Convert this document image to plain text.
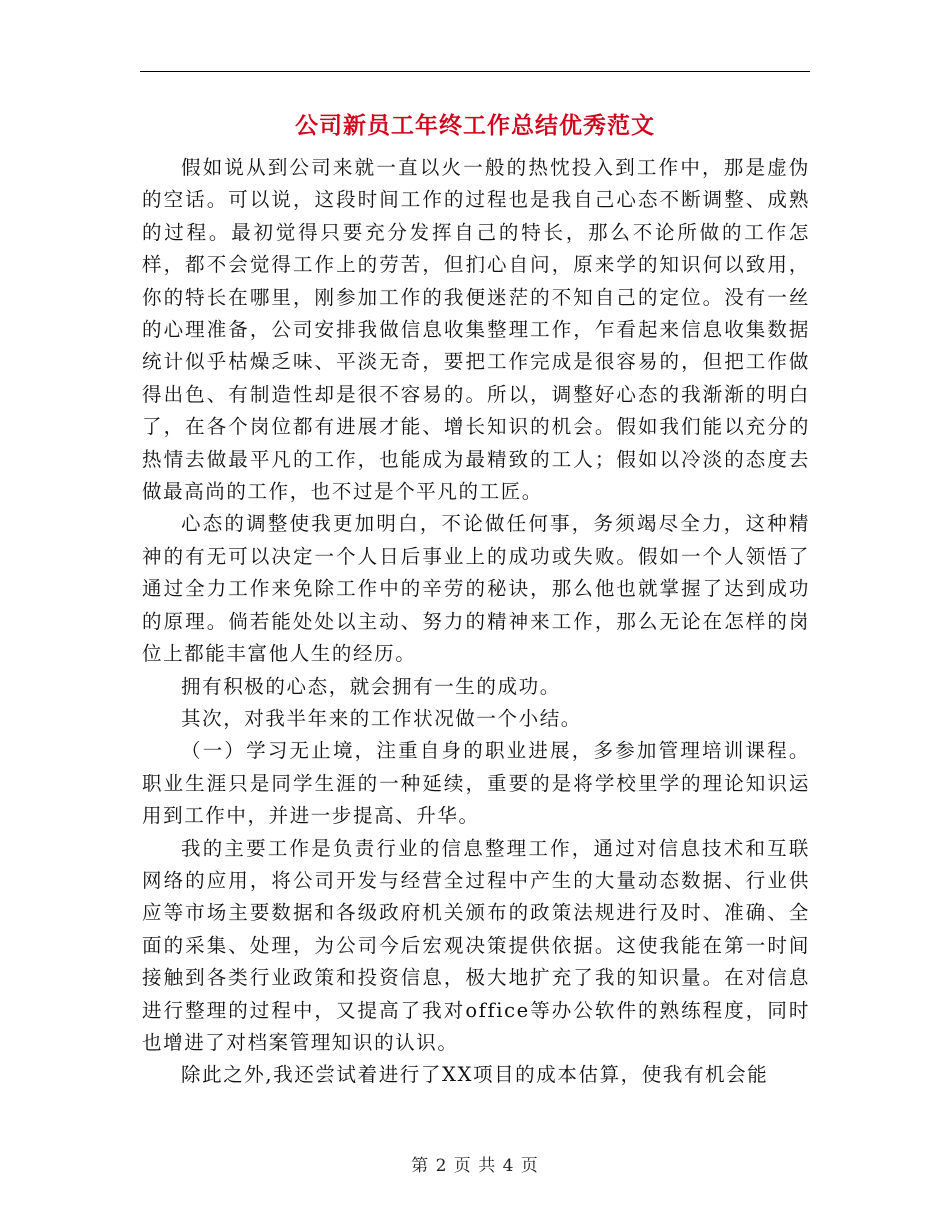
公司新员工年终工作总结优秀范文

假如说从到公司来就一直以火一般的热忱投入到工作中，那是虚伪的空话。可以说，这段时间工作的过程也是我自己心态不断调整、成熟的过程。最初觉得只要充分发挥自己的特长，那么不论所做的工作怎样，都不会觉得工作上的劳苦，但扪心自问，原来学的知识何以致用，你的特长在哪里，刚参加工作的我便迷茫的不知自己的定位。没有一丝的心理准备，公司安排我做信息收集整理工作，乍看起来信息收集数据统计似乎枯燥乏味、平淡无奇，要把工作完成是很容易的，但把工作做得出色、有制造性却是很不容易的。所以，调整好心态的我渐渐的明白了，在各个岗位都有进展才能、增长知识的机会。假如我们能以充分的热情去做最平凡的工作，也能成为最精致的工人；假如以冷淡的态度去做最高尚的工作，也不过是个平凡的工匠。

心态的调整使我更加明白，不论做任何事，务须竭尽全力，这种精神的有无可以决定一个人日后事业上的成功或失败。假如一个人领悟了通过全力工作来免除工作中的辛劳的秘诀，那么他也就掌握了达到成功的原理。倘若能处处以主动、努力的精神来工作，那么无论在怎样的岗位上都能丰富他人生的经历。

拥有积极的心态，就会拥有一生的成功。

其次，对我半年来的工作状况做一个小结。

（一）学习无止境，注重自身的职业进展，多参加管理培训课程。职业生涯只是同学生涯的一种延续，重要的是将学校里学的理论知识运用到工作中，并进一步提高、升华。

我的主要工作是负责行业的信息整理工作，通过对信息技术和互联网络的应用，将公司开发与经营全过程中产生的大量动态数据、行业供应等市场主要数据和各级政府机关颁布的政策法规进行及时、准确、全面的采集、处理，为公司今后宏观决策提供依据。这使我能在第一时间接触到各类行业政策和投资信息，极大地扩充了我的知识量。在对信息进行整理的过程中，又提高了我对office等办公软件的熟练程度，同时也增进了对档案管理知识的认识。

除此之外,我还尝试着进行了XX项目的成本估算，使我有机会能

第 2 页 共 4 页
